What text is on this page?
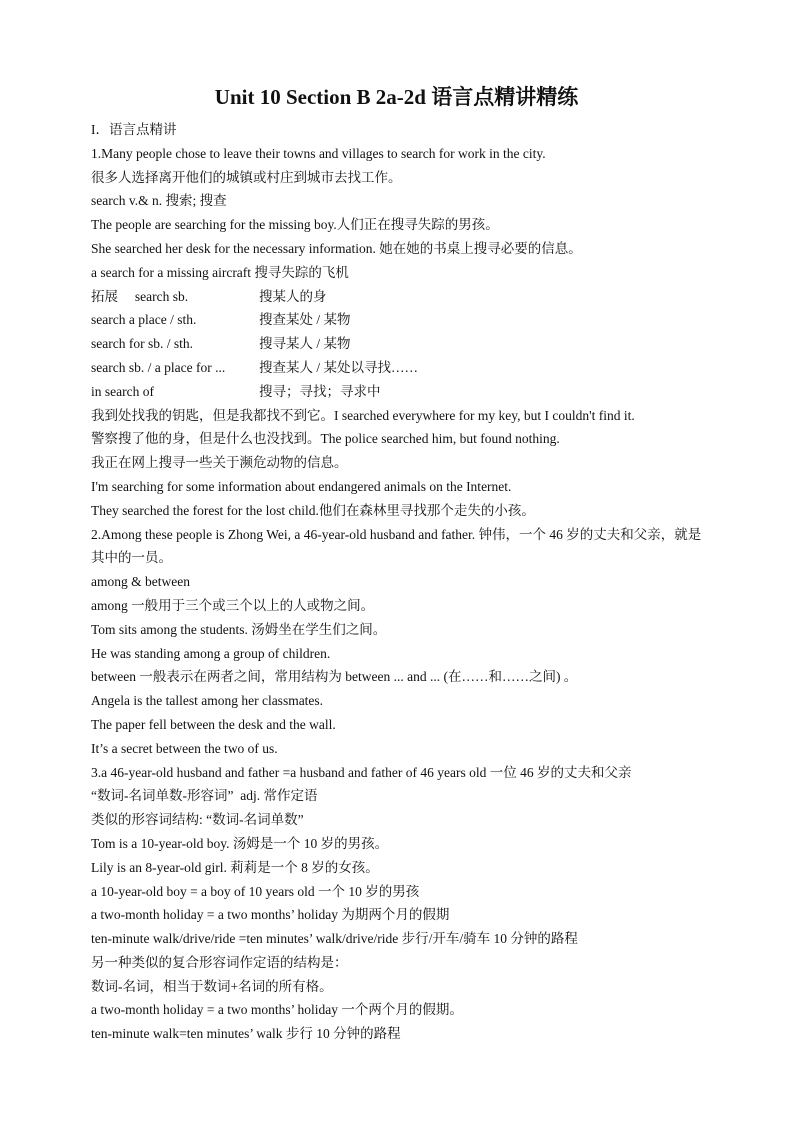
Unit 10 Section B 2a-2d 语言点精讲精练
I．语言点精讲
1.Many people chose to leave their towns and villages to search for work in the city.
很多人选择离开他们的城镇或村庄到城市去找工作。
search v.& n. 搜索; 搜查
The people are searching for the missing boy.人们正在搜寻失踪的男孩。
She searched her desk for the necessary information. 她在她的书桌上搜寻必要的信息。
a search for a missing aircraft 搜寻失踪的飞机
拓展     search sb.	搜某人的身
search a place / sth.	搜查某处 / 某物
search for sb. / sth.	搜寻某人 / 某物
search sb. / a place for ...	搜查某人 / 某处以寻找……
in search of	搜寻；寻找；寻求中
我到处找我的钥匙，但是我都找不到它。I searched everywhere for my key, but I couldn't find it.
警察搜了他的身，但是什么也没找到。The police searched him, but found nothing.
我正在网上搜寻一些关于濒危动物的信息。
I'm searching for some information about endangered animals on the Internet.
They searched the forest for the lost child.他们在森林里寻找那个走失的小孩。
2.Among these people is Zhong Wei, a 46-year-old husband and father. 钟伟，一个 46 岁的丈夫和父亲，就是其中的一员。
among & between
among 一般用于三个或三个以上的人或物之间。
Tom sits among the students. 汤姆坐在学生们之间。
He was standing among a group of children.
between 一般表示在两者之间，常用结构为 between ... and ... (在……和……之间) 。
Angela is the tallest among her classmates.
The paper fell between the desk and the wall.
It’s a secret between the two of us.
3.a 46-year-old husband and father =a husband and father of 46 years old 一位 46 岁的丈夫和父亲
“数词-名词单数-形容词”  adj. 常作定语
类似的形容词结构: “数词-名词单数”
Tom is a 10-year-old boy. 汤姆是一个 10 岁的男孩。
Lily is an 8-year-old girl. 莉莉是一个 8 岁的女孩。
a 10-year-old boy = a boy of 10 years old 一个 10 岁的男孩
a two-month holiday = a two months’ holiday 为期两个月的假期
ten-minute walk/drive/ride =ten minutes’ walk/drive/ride 步行/开车/骑车 10 分钟的路程
另一种类似的复合形容词作定语的结构是：
数词-名词，相当于数词+名词的所有格。
a two-month holiday = a two months’ holiday 一个两个月的假期。
ten-minute walk=ten minutes’ walk 步行 10 分钟的路程
